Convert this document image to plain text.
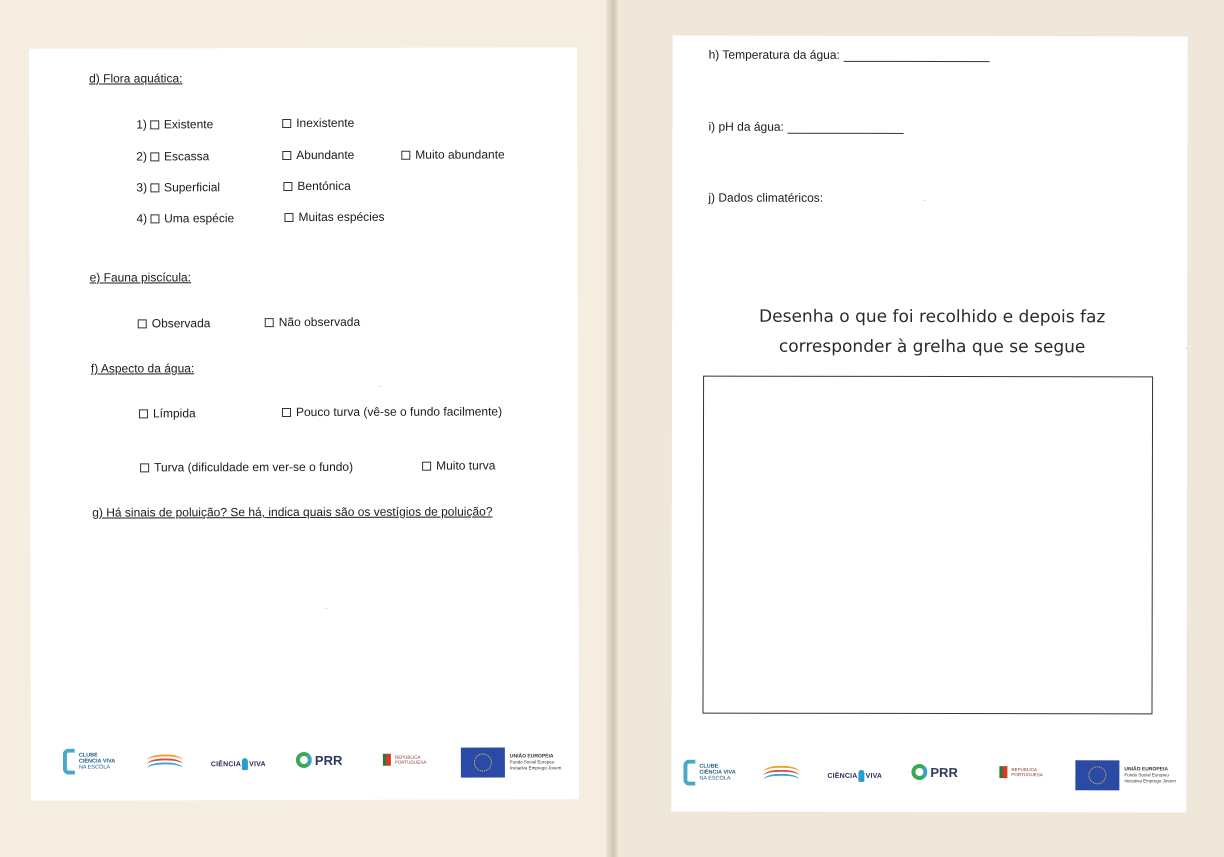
d) Flora aquática:
1) Existente	Inexistente
2) Escassa	Abundante	Muito abundante
3) Superficial	Bentónica
4) Uma espécie	Muitas espécies
e) Fauna piscícula:
Observada	Não observada
f) Aspecto da água:
Límpida	Pouco turva (vê-se o fundo facilmente)
Turva (dificuldade em ver-se o fundo)	Muito turva
g) Há sinais de poluição? Se há, indica quais são os vestígios de poluição?
CLUBE
CIÊNCIA VIVA
NA ESCOLA	CIÊNCIA VIVA	PRR	REPÚBLICA
PORTUGUESA
UNIÃO EUROPEIA
Fundo Social Europeu
Iniciativa Emprego Jovem
h) Temperatura da água:
i) pH da água:
j) Dados climatéricos:
Desenha o que foi recolhido e depois faz
corresponder à grelha que se segue
CLUBE
CIÊNCIA VIVA
NA ESCOLA	CIÊNCIA VIVA	PRR	REPÚBLICA
PORTUGUESA
UNIÃO EUROPEIA
Fundo Social Europeu
Iniciativa Emprego Jovem
